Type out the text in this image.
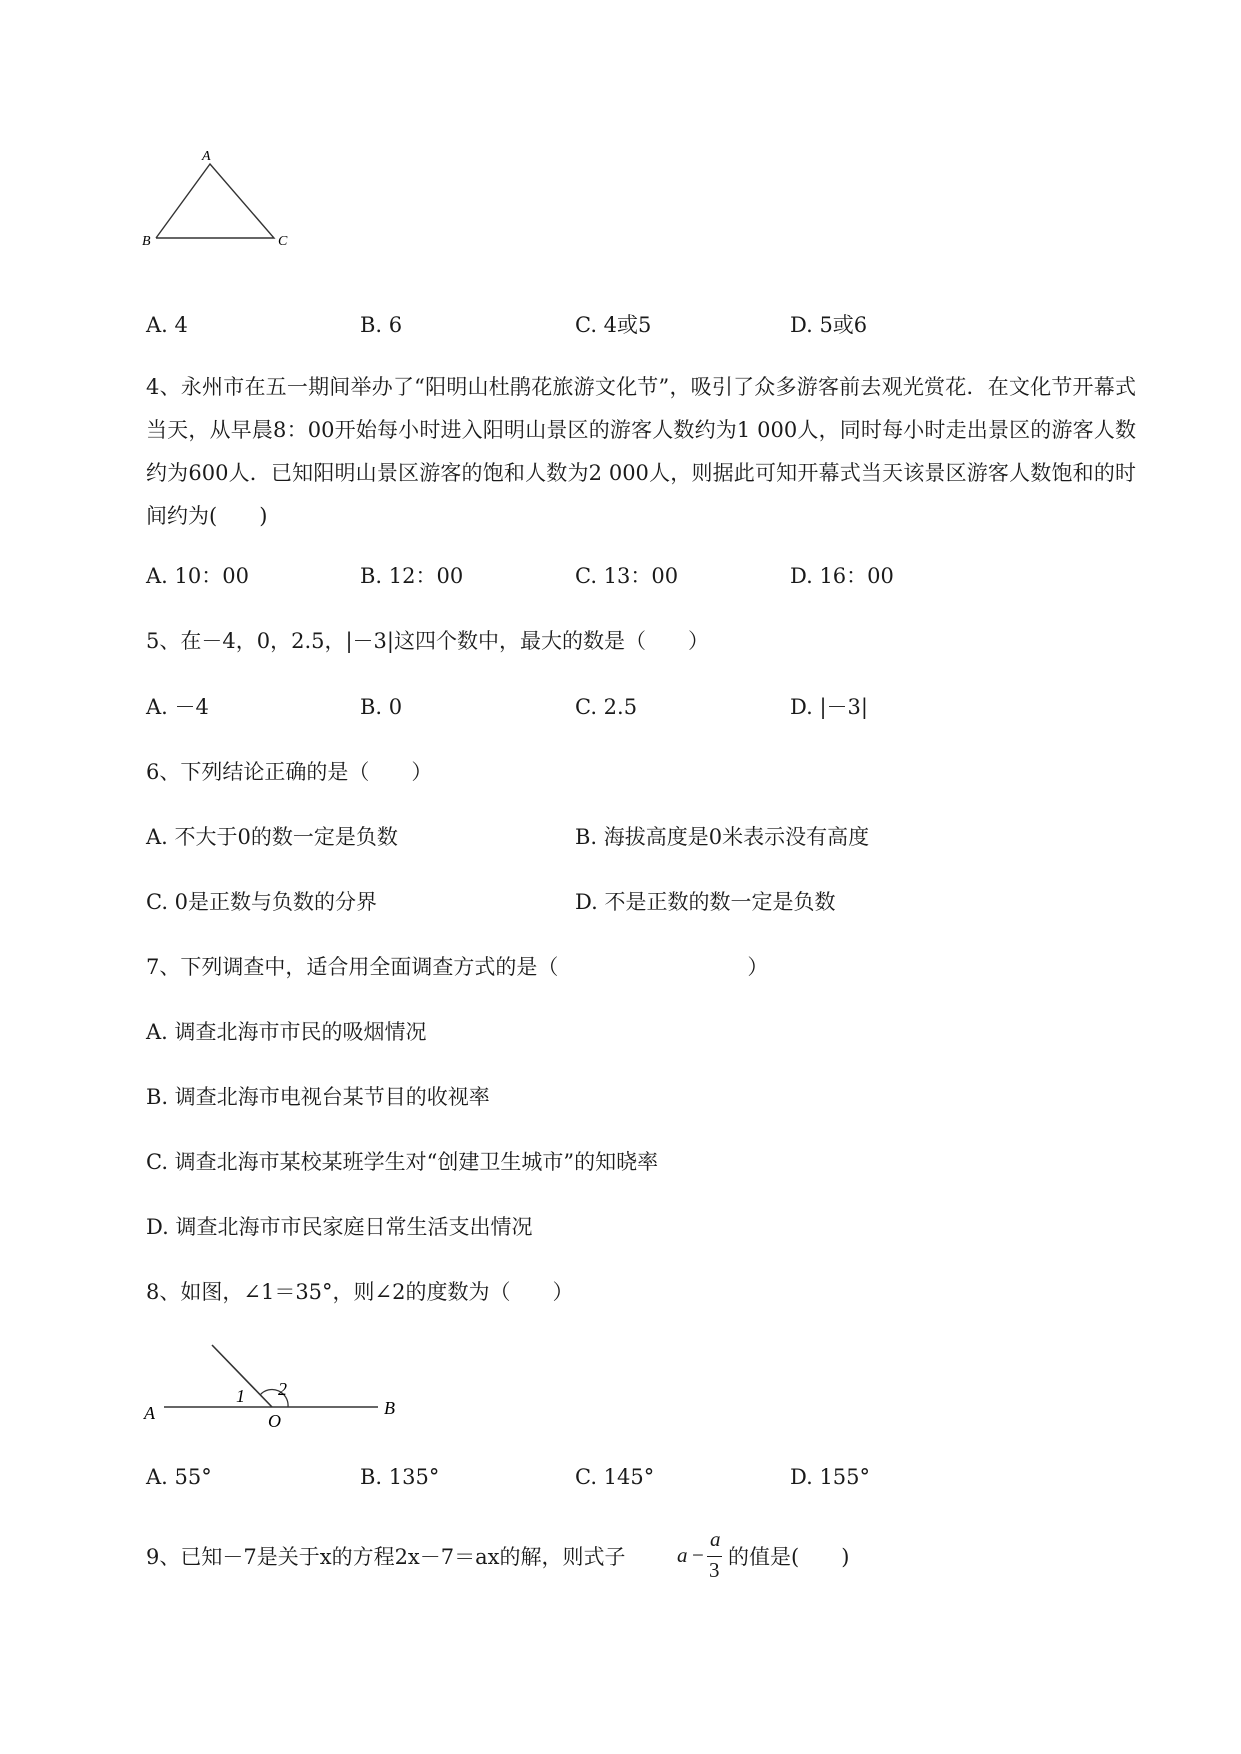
A
B	C
A. 4	B. 6	C. 4或5	D. 5或6
4、永州市在五一期间举办了“阳明山杜鹃花旅游文化节”，吸引了众多游客前去观光赏花．在文化节开幕式当天，从早晨8：00开始每小时进入阳明山景区的游客人数约为1 000人，同时每小时走出景区的游客人数约为600人．已知阳明山景区游客的饱和人数为2 000人，则据此可知开幕式当天该景区游客人数饱和的时间约为(　　)
A. 10：00	B. 12：00	C. 13：00	D. 16：00
5、在－4，0，2.5，|－3|这四个数中，最大的数是（　　）
A. －4	B. 0	C. 2.5	D. |－3|
6、下列结论正确的是（　　）
A. 不大于0的数一定是负数	B. 海拔高度是0米表示没有高度
C. 0是正数与负数的分界	D. 不是正数的数一定是负数
7、下列调查中，适合用全面调查方式的是（　　　　　　　　　）
A. 调查北海市市民的吸烟情况
B. 调查北海市电视台某节目的收视率
C. 调查北海市某校某班学生对“创建卫生城市”的知晓率
D. 调查北海市市民家庭日常生活支出情况
8、如图，∠1＝35°，则∠2的度数为（　　）
A	B
O
1 2
A. 55°	B. 135°	C. 145°	D. 155°
9、已知－7是关于x的方程2x－7＝ax的解，则式子 a −
a
3
的值是(　　)
